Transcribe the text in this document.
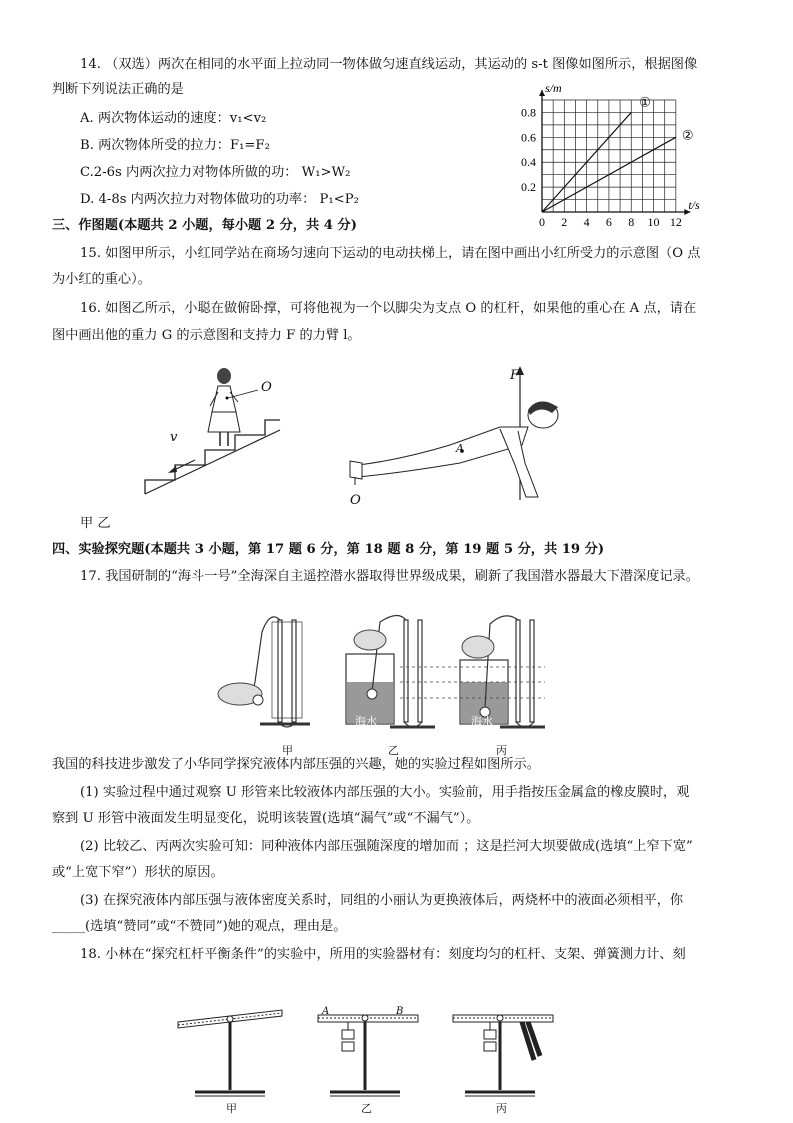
14. （双选）两次在相同的水平面上拉动同一物体做匀速直线运动，其运动的 s-t 图像如图所示，根据图像
判断下列说法正确的是
A. 两次物体运动的速度：v₁<v₂
B. 两次物体所受的拉力：F₁=F₂
C.2-6s 内两次拉力对物体所做的功： W₁>W₂
D. 4-8s 内两次拉力对物体做功的功率： P₁<P₂
0 2 4 6 8 10 12
0.2
0.4
0.6
0.8
s/m
t/s
①
②
三、作图题(本题共 2 小题，每小题 2 分，共 4 分)
15. 如图甲所示，小红同学站在商场匀速向下运动的电动扶梯上，请在图中画出小红所受力的示意图（O 点
为小红的重心）。
16. 如图乙所示，小聪在做俯卧撑，可将他视为一个以脚尖为支点 O 的杠杆，如果他的重心在 A 点，请在
图中画出他的重力 G 的示意图和支持力 F 的力臂 l。
O
v
F
A
O
甲 乙
四、实验探究题(本题共 3 小题，第 17 题 6 分，第 18 题 8 分，第 19 题 5 分，共 19 分)
17. 我国研制的“海斗一号”全海深自主遥控潜水器取得世界级成果，刷新了我国潜水器最大下潜深度记录。
海水	海水
甲	乙	丙
我国的科技进步激发了小华同学探究液体内部压强的兴趣，她的实验过程如图所示。
(1) 实验过程中通过观察 U 形管来比较液体内部压强的大小。实验前，用手指按压金属盒的橡皮膜时，观
察到 U 形管中液面发生明显变化，说明该装置(选填“漏气”或“不漏气”）。
(2) 比较乙、丙两次实验可知：同种液体内部压强随深度的增加而 ；这是拦河大坝要做成(选填“上窄下宽”
或“上宽下窄”）形状的原因。
(3) 在探究液体内部压强与液体密度关系时，同组的小丽认为更换液体后，两烧杯中的液面必须相平，你
_____(选填“赞同”或“不赞同”)她的观点，理由是。
18. 小林在“探究杠杆平衡条件”的实验中，所用的实验器材有：刻度均匀的杠杆、支架、弹簧测力计、刻
A	B
甲	乙	丙
